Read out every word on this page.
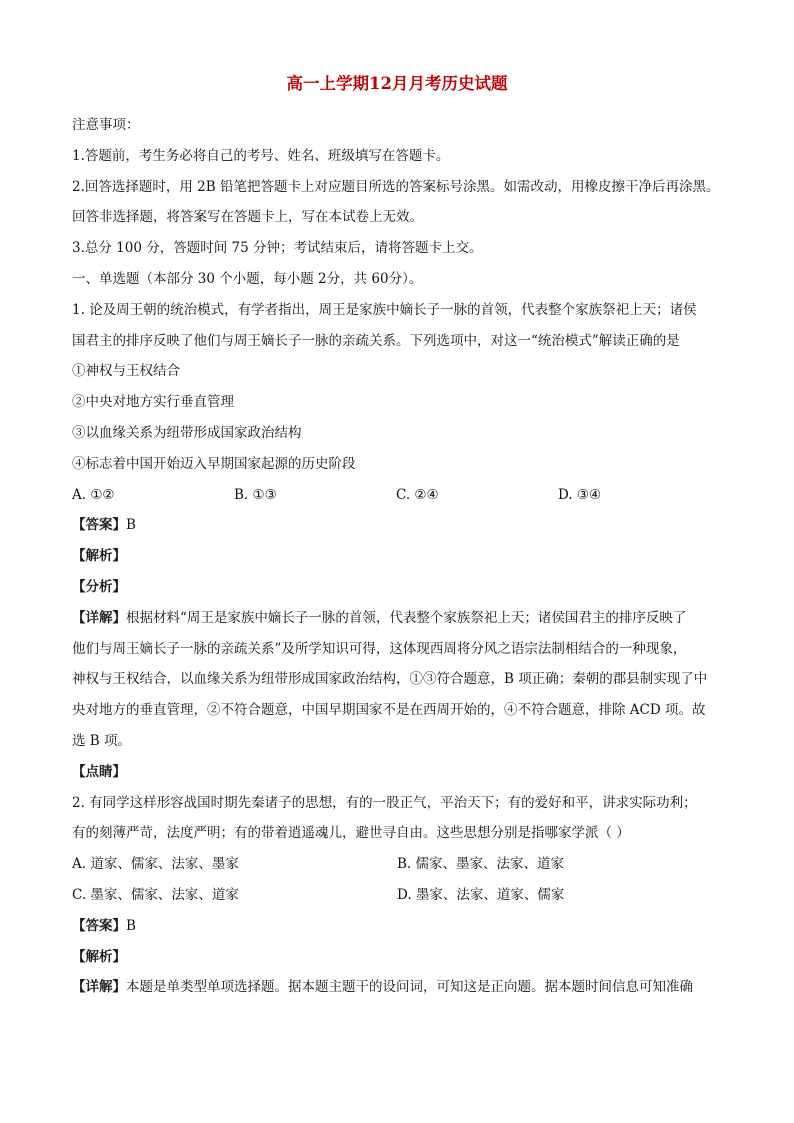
高一上学期12月月考历史试题

注意事项：

1.答题前，考生务必将自己的考号、姓名、班级填写在答题卡。

2.回答选择题时，用 2B 铅笔把答题卡上对应题目所选的答案标号涂黑。如需改动，用橡皮擦干净后再涂黑。

回答非选择题，将答案写在答题卡上，写在本试卷上无效。

3.总分 100 分，答题时间 75 分钟；考试结束后，请将答题卡上交。

一、单选题（本部分 30 个小题，每小题 2分，共 60分）。

1. 论及周王朝的统治模式，有学者指出，周王是家族中嫡长子一脉的首领，代表整个家族祭祀上天；诸侯

国君主的排序反映了他们与周王嫡长子一脉的亲疏关系。下列选项中，对这一“统治模式”解读正确的是

①神权与王权结合

②中央对地方实行垂直管理

③以血缘关系为纽带形成国家政治结构

④标志着中国开始迈入早期国家起源的历史阶段

A. ①②	B. ①③	C. ②④	D. ③④

【答案】B

【解析】

【分析】

【详解】根据材料“周王是家族中嫡长子一脉的首领，代表整个家族祭祀上天；诸侯国君主的排序反映了

他们与周王嫡长子一脉的亲疏关系”及所学知识可得，这体现西周将分风之语宗法制相结合的一种现象，

神权与王权结合，以血缘关系为纽带形成国家政治结构，①③符合题意，B 项正确；秦朝的郡县制实现了中

央对地方的垂直管理，②不符合题意，中国早期国家不是在西周开始的，④不符合题意，排除 ACD 项。故

选 B 项。

【点睛】

2. 有同学这样形容战国时期先秦诸子的思想，有的一股正气，平治天下；有的爱好和平，讲求实际功利；

有的刻薄严苛，法度严明；有的带着逍遥魂儿，避世寻自由。这些思想分别是指哪家学派（ ）

A. 道家、儒家、法家、墨家	B. 儒家、墨家、法家、道家
C. 墨家、儒家、法家、道家	D. 墨家、法家、道家、儒家

【答案】B

【解析】

【详解】本题是单类型单项选择题。据本题主题干的设问词，可知这是正向题。据本题时间信息可知准确
